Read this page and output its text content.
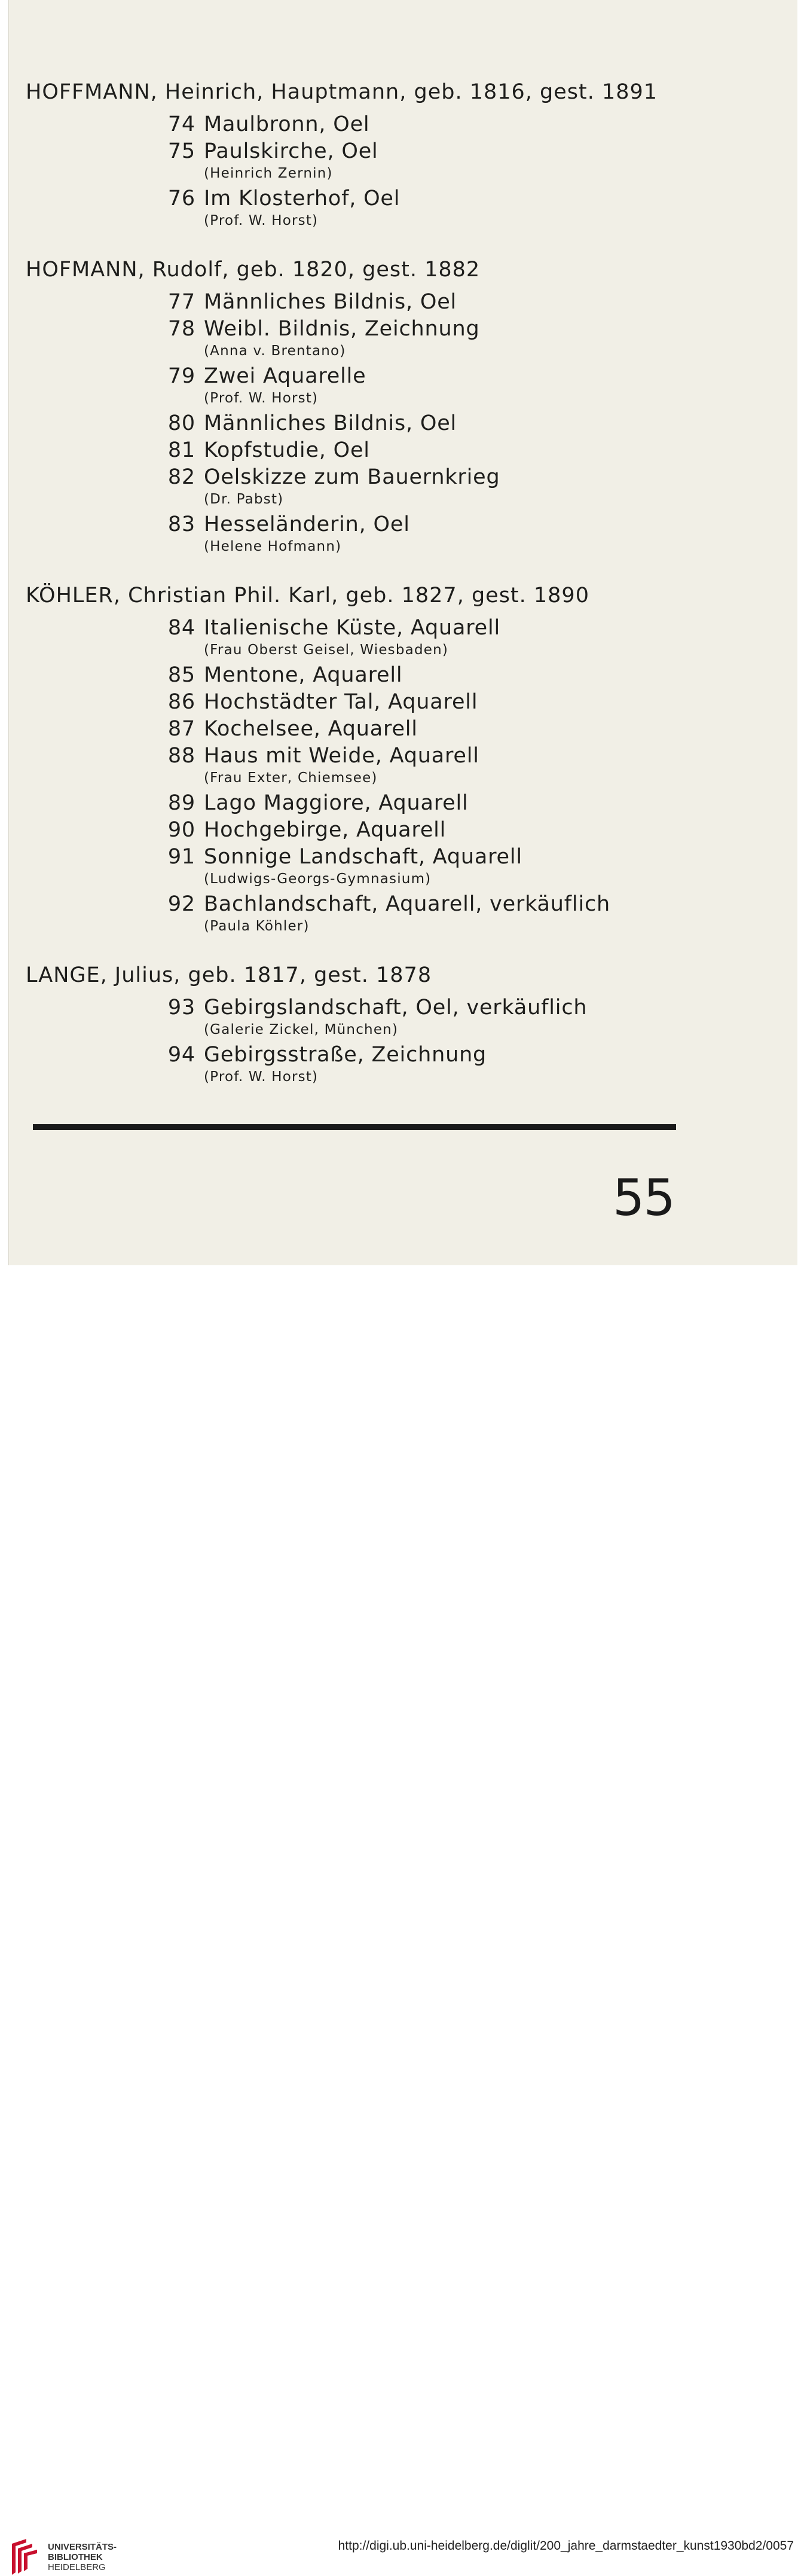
HOFFMANN, Heinrich, Hauptmann, geb. 1816, gest. 1891
74 Maulbronn, Oel
75 Paulskirche, Oel
(Heinrich Zernin)
76 Im Klosterhof, Oel
(Prof. W. Horst)
HOFMANN, Rudolf, geb. 1820, gest. 1882
77 Männliches Bildnis, Oel
78 Weibl. Bildnis, Zeichnung
(Anna v. Brentano)
79 Zwei Aquarelle
(Prof. W. Horst)
80 Männliches Bildnis, Oel
81 Kopfstudie, Oel
82 Oelskizze zum Bauernkrieg
(Dr. Pabst)
83 Hesseländerin, Oel
(Helene Hofmann)
KÖHLER, Christian Phil. Karl, geb. 1827, gest. 1890
84 Italienische Küste, Aquarell
(Frau Oberst Geisel, Wiesbaden)
85 Mentone, Aquarell
86 Hochstädter Tal, Aquarell
87 Kochelsee, Aquarell
88 Haus mit Weide, Aquarell
(Frau Exter, Chiemsee)
89 Lago Maggiore, Aquarell
90 Hochgebirge, Aquarell
91 Sonnige Landschaft, Aquarell
(Ludwigs-Georgs-Gymnasium)
92 Bachlandschaft, Aquarell, verkäuflich
(Paula Köhler)
LANGE, Julius, geb. 1817, gest. 1878
93 Gebirgslandschaft, Oel, verkäuflich
(Galerie Zickel, München)
94 Gebirgsstraße, Zeichnung
(Prof. W. Horst)
55
UNIVERSITÄTS-
BIBLIOTHEK
HEIDELBERG
http://digi.ub.uni-heidelberg.de/diglit/200_jahre_darmstaedter_kunst1930bd2/0057
